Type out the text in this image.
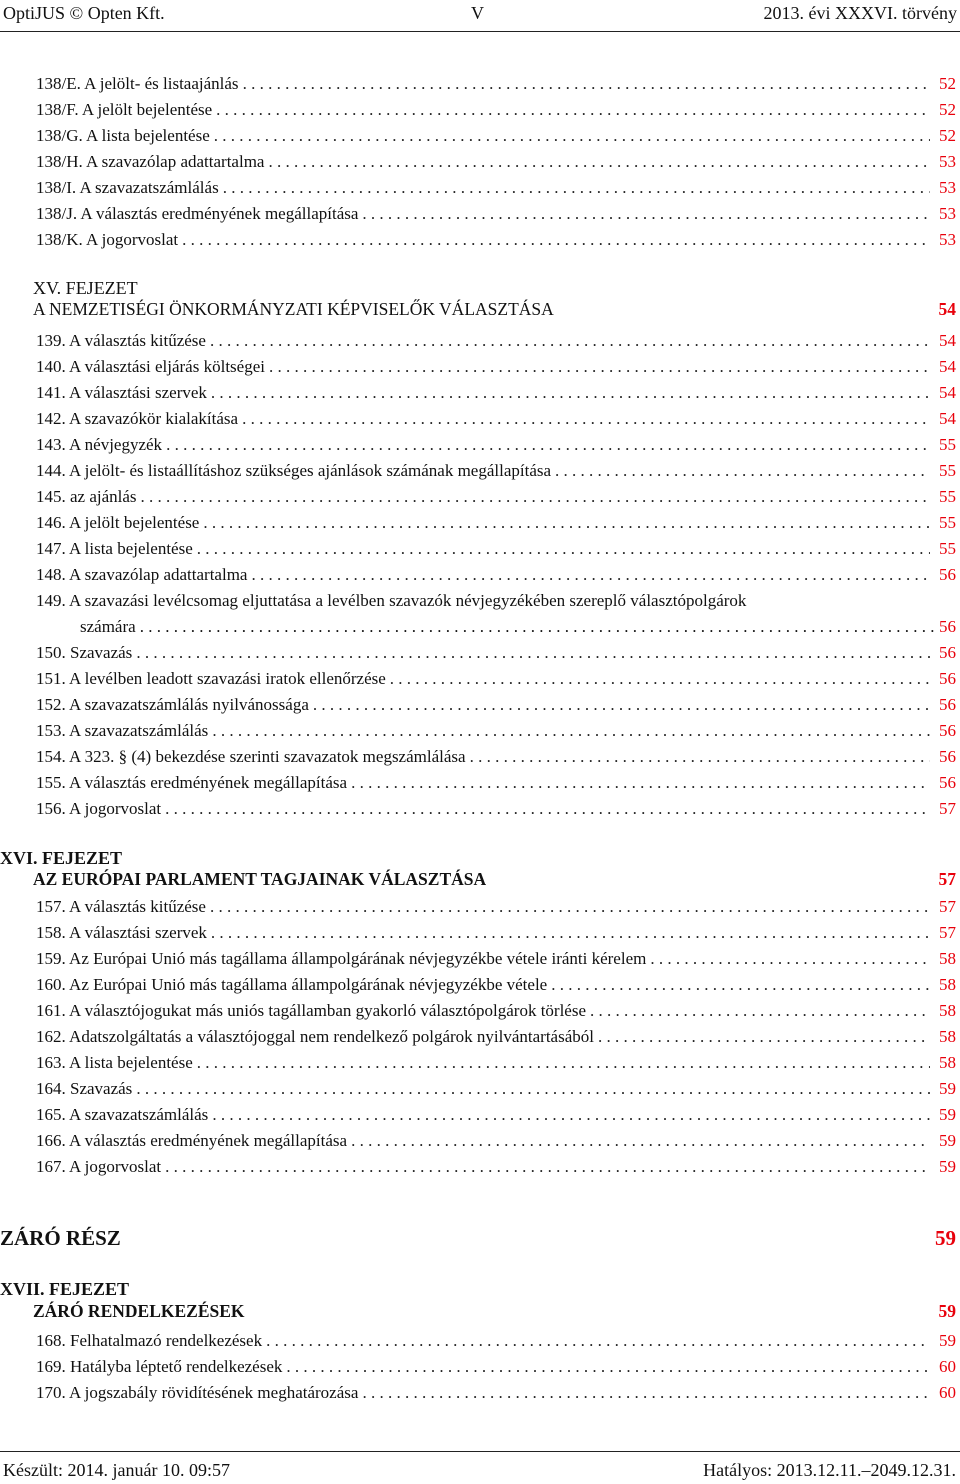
OptiJUS © Opten Kft.	V	2013. évi XXXVI. törvény
138/E. A jelölt- és listaajánlás . . .	52
138/F. A jelölt bejelentése . . .	52
138/G. A lista bejelentése . . .	52
138/H. A szavazólap adattartalma . . .	53
138/I. A szavazatszámlálás . . .	53
138/J. A választás eredményének megállapítása . . .	53
138/K. A jogorvoslat . . .	53
XV. FEJEZET
A NEMZETISÉGI ÖNKORMÁNYZATI KÉPVISELŐK VÁLASZTÁSA	54
139. A választás kitűzése . . .	54
140. A választási eljárás költségei . . .	54
141. A választási szervek . . .	54
142. A szavazókör kialakítása . . .	54
143. A névjegyzék . . .	55
144. A jelölt- és listaállításhoz szükséges ajánlások számának megállapítása . . .	55
145. az ajánlás . . .	55
146. A jelölt bejelentése . . .	55
147. A lista bejelentése . . .	55
148. A szavazólap adattartalma . . .	56
149. A szavazási levélcsomag eljuttatása a levélben szavazók névjegyzékében szereplő választópolgárok
számára . . .	56
150. Szavazás . . .	56
151. A levélben leadott szavazási iratok ellenőrzése . . .	56
152. A szavazatszámlálás nyilvánossága . . .	56
153. A szavazatszámlálás . . .	56
154. A 323. § (4) bekezdése szerinti szavazatok megszámlálása . . .	56
155. A választás eredményének megállapítása . . .	56
156. A jogorvoslat . . .	57
XVI. FEJEZET
AZ EURÓPAI PARLAMENT TAGJAINAK VÁLASZTÁSA	57
157. A választás kitűzése . . .	57
158. A választási szervek . . .	57
159. Az Európai Unió más tagállama állampolgárának névjegyzékbe vétele iránti kérelem . . .	58
160. Az Európai Unió más tagállama állampolgárának névjegyzékbe vétele . . .	58
161. A választójogukat más uniós tagállamban gyakorló választópolgárok törlése . . .	58
162. Adatszolgáltatás a választójoggal nem rendelkező polgárok nyilvántartásából . . .	58
163. A lista bejelentése . . .	58
164. Szavazás . . .	59
165. A szavazatszámlálás . . .	59
166. A választás eredményének megállapítása . . .	59
167. A jogorvoslat . . .	59
ZÁRÓ RÉSZ	59
XVII. FEJEZET
ZÁRÓ RENDELKEZÉSEK	59
168. Felhatalmazó rendelkezések . . .	59
169. Hatályba léptető rendelkezések . . .	60
170. A jogszabály rövidítésének meghatározása . . .	60
Készült: 2014. január 10. 09:57	Hatályos: 2013.12.11.–2049.12.31.
